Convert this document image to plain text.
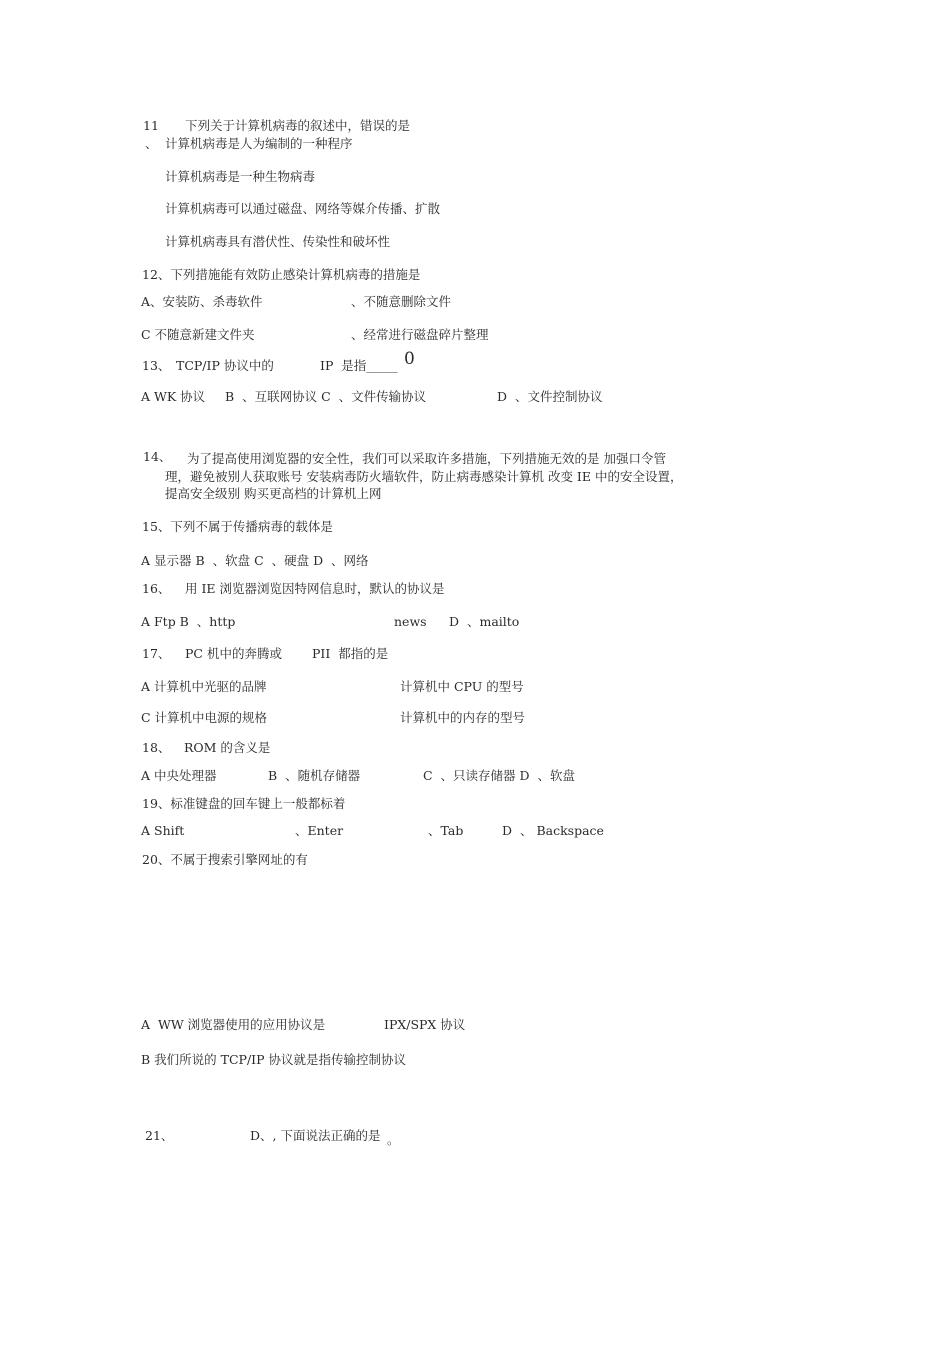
11 下列关于计算机病毒的叙述中，错误的是
、 计算机病毒是人为编制的一种程序
计算机病毒是一种生物病毒
计算机病毒可以通过磁盘、网络等媒介传播、扩散
计算机病毒具有潜伏性、传染性和破坏性
12、下列措施能有效防止感染计算机病毒的措施是
A、安装防、杀毒软件	、不随意删除文件
C 不随意新建文件夹	、经常进行磁盘碎片整理
13、 TCP/IP 协议中的	IP  是指_____ 0
A WK 协议     B  、互联网协议 C  、文件传输协议	D  、文件控制协议
14、 为了提高使用浏览器的安全性，我们可以采取许多措施，下列措施无效的是 加强口令管
理，避免被别人获取账号 安装病毒防火墙软件，防止病毒感染计算机 改变 IE 中的安全设置，
提高安全级别 购买更高档的计算机上网
15、下列不属于传播病毒的载体是
A 显示器 B  、软盘 C  、硬盘 D  、网络
16、 用 IE 浏览器浏览因特网信息时，默认的协议是
A Ftp B  、http	news D  、mailto
17、 PC 机中的奔腾或 PII  都指的是
A 计算机中光驱的品牌	计算机中 CPU 的型号
C 计算机中电源的规格	计算机中的内存的型号
18、 ROM 的含义是
A 中央处理器	B  、随机存储器	C  、只读存储器 D  、软盘
19、标准键盘的回车键上一般都标着
A Shift	、Enter	、Tab	D  、 Backspace
20、不属于搜索引擎网址的有
A  WW 浏览器使用的应用协议是	IPX/SPX 协议
B 我们所说的 TCP/IP 协议就是指传输控制协议
21、	D、, 下面说法正确的是 。
